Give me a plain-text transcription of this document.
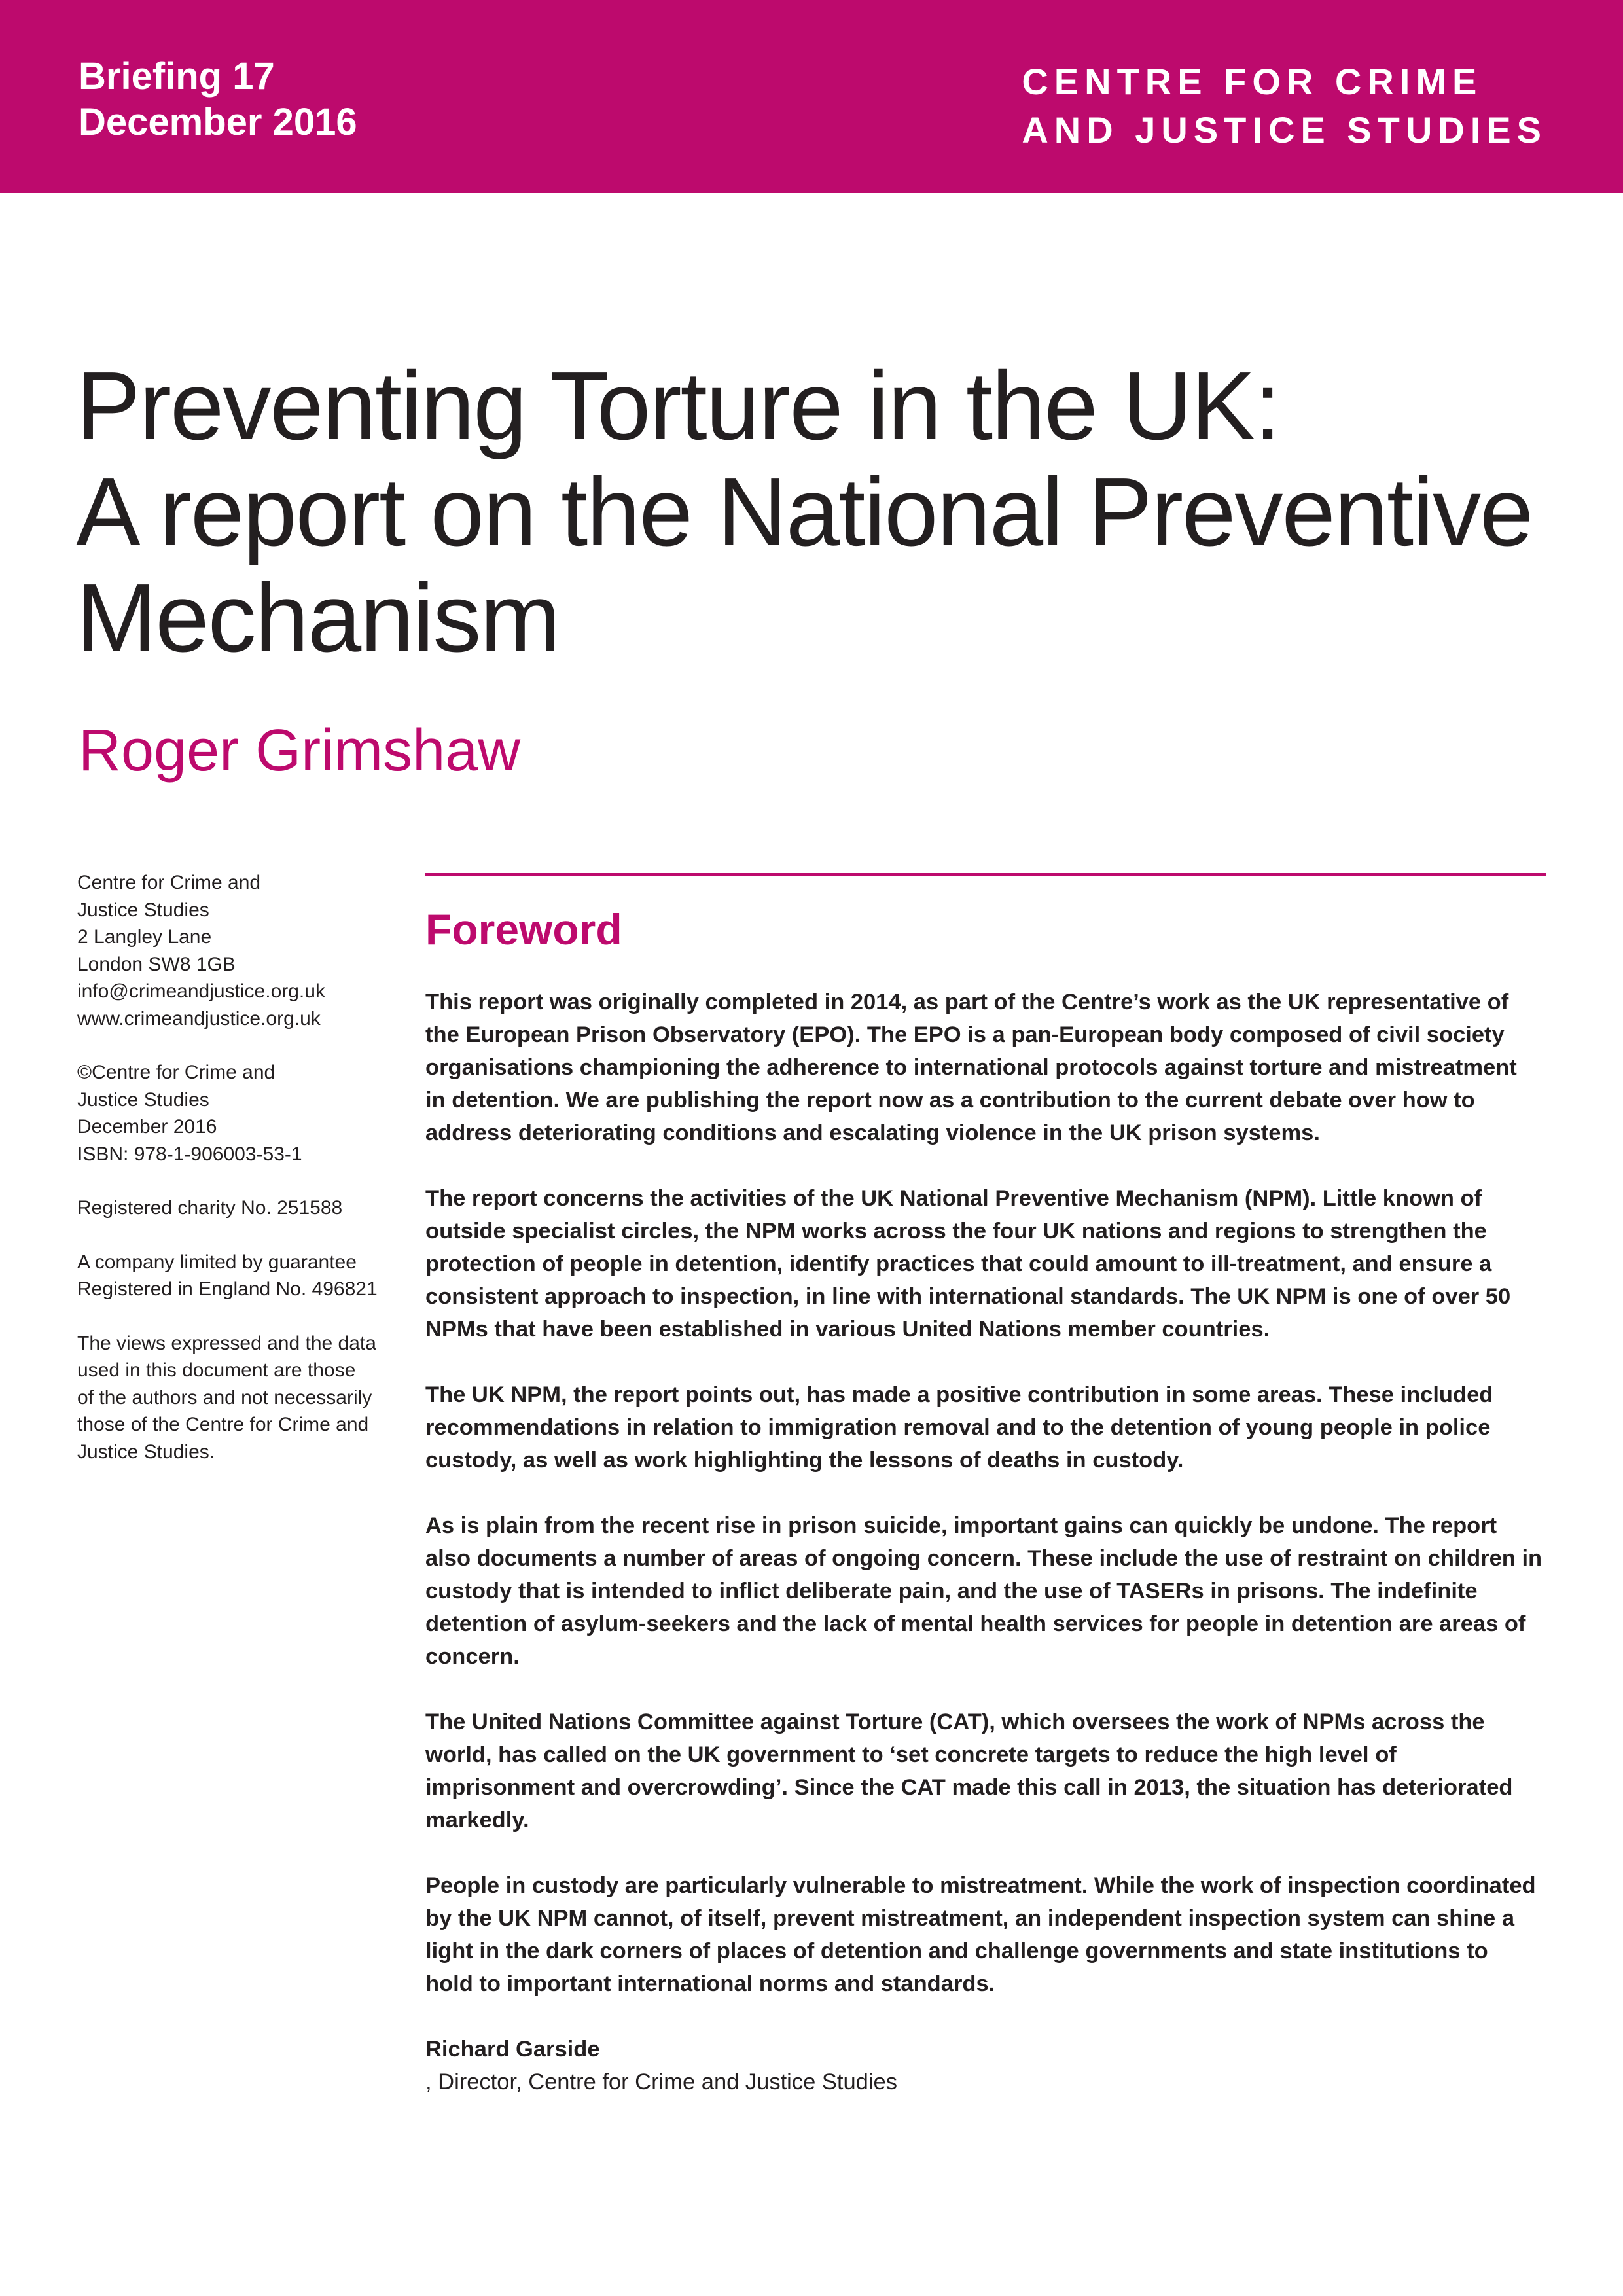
Briefing 17
December 2016
CENTRE FOR CRIME
AND JUSTICE STUDIES
Preventing Torture in the UK:
A report on the National Preventive
Mechanism
Roger Grimshaw

Centre for Crime and
Justice Studies
2 Langley Lane
London SW8 1GB
info@crimeandjustice.org.uk
www.crimeandjustice.org.uk

©Centre for Crime and
Justice Studies
December 2016
ISBN: 978-1-906003-53-1

Registered charity No. 251588

A company limited by guarantee
Registered in England No. 496821

The views expressed and the data
used in this document are those
of the authors and not necessarily
those of the Centre for Crime and
Justice Studies.

Foreword

This report was originally completed in 2014, as part of the Centre’s work as the UK representative of
the European Prison Observatory (EPO). The EPO is a pan-European body composed of civil society
organisations championing the adherence to international protocols against torture and mistreatment
in detention. We are publishing the report now as a contribution to the current debate over how to
address deteriorating conditions and escalating violence in the UK prison systems.

The report concerns the activities of the UK National Preventive Mechanism (NPM). Little known of
outside specialist circles, the NPM works across the four UK nations and regions to strengthen the
protection of people in detention, identify practices that could amount to ill-treatment, and ensure a
consistent approach to inspection, in line with international standards. The UK NPM is one of over 50
NPMs that have been established in various United Nations member countries.

The UK NPM, the report points out, has made a positive contribution in some areas. These included
recommendations in relation to immigration removal and to the detention of young people in police
custody, as well as work highlighting the lessons of deaths in custody.

As is plain from the recent rise in prison suicide, important gains can quickly be undone. The report
also documents a number of areas of ongoing concern. These include the use of restraint on children in
custody that is intended to inflict deliberate pain, and the use of TASERs in prisons. The indefinite
detention of asylum-seekers and the lack of mental health services for people in detention are areas of
concern.

The United Nations Committee against Torture (CAT), which oversees the work of NPMs across the
world, has called on the UK government to ‘set concrete targets to reduce the high level of
imprisonment and overcrowding’. Since the CAT made this call in 2013, the situation has deteriorated
markedly.

People in custody are particularly vulnerable to mistreatment. While the work of inspection coordinated
by the UK NPM cannot, of itself, prevent mistreatment, an independent inspection system can shine a
light in the dark corners of places of detention and challenge governments and state institutions to
hold to important international norms and standards.

Richard Garside
, Director, Centre for Crime and Justice Studies
